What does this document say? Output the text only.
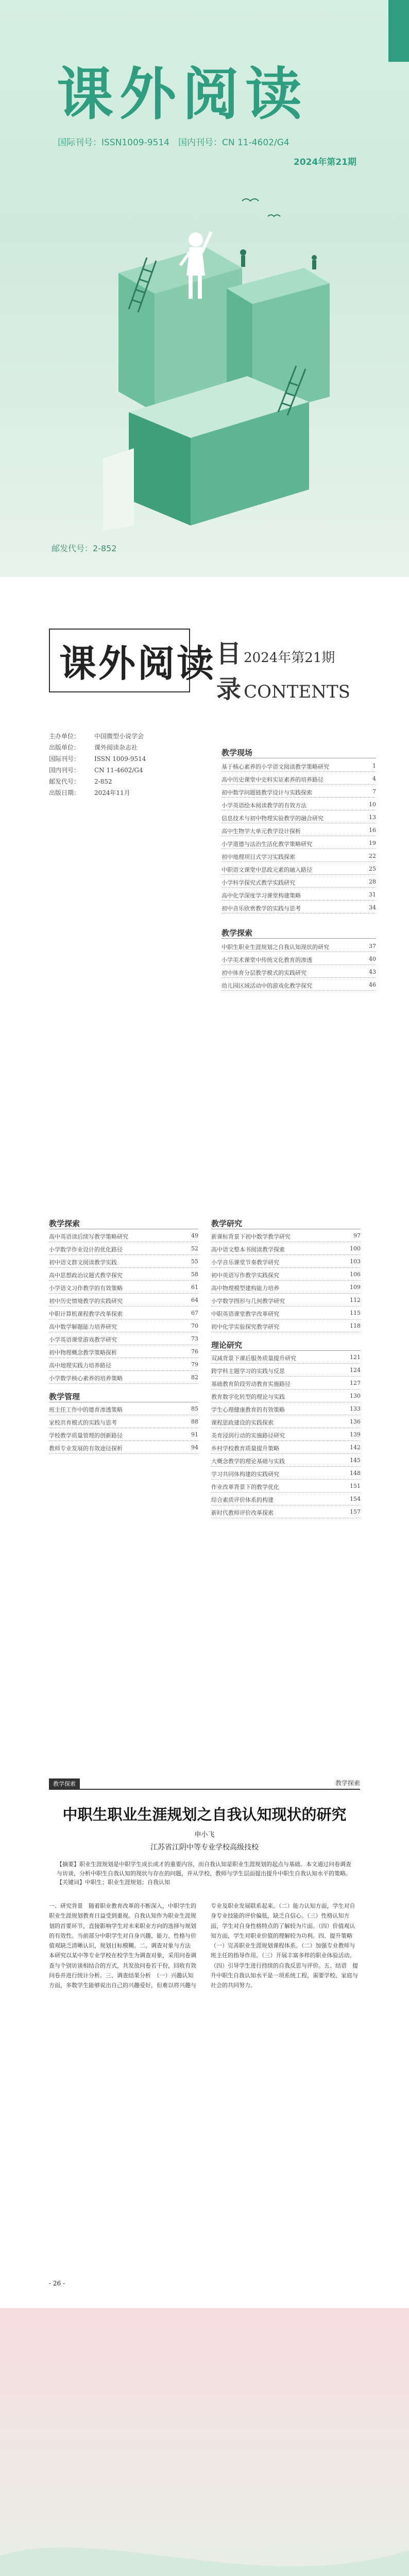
课外阅读
国际刊号：ISSN1009-9514　国内刊号：CN 11-4602/G4
2024年第21期
邮发代号：2-852
课外阅读
主办单位： 中国微型小说学会
出版单位： 课外阅读杂志社
国际刊号： ISSN 1009-9514
国内刊号： CN 11-4602/G4
邮发代号： 2-852
出版日期： 2024年11月
目 2024年第21期
录 CONTENTS
教学现场
1
基于核心素养的小学语文阅读教学策略研究
4
高中历史课堂中史料实证素养的培养路径
7
初中数学问题链教学设计与实践探索
10
小学英语绘本阅读教学的有效方法
13
信息技术与初中物理实验教学的融合研究
16
高中生物学大单元教学设计探析
19
小学道德与法治生活化教学策略研究
22
初中地理项目式学习实践探索
25
中职语文课堂中思政元素的融入路径
28
小学科学探究式教学实践研究
31
高中化学深度学习课堂构建策略
34
初中音乐欣赏教学的实践与思考
教学探索
37
中职生职业生涯规划之自我认知现状的研究
40
小学美术课堂中传统文化教育的渗透
43
初中体育分层教学模式的实践研究
46
幼儿园区域活动中的游戏化教学探究
教学探索
49
高中英语读后续写教学策略研究
52
小学数学作业设计的优化路径
55
初中语文群文阅读教学实践
58
高中思想政治议题式教学探究
61
小学语文习作教学的有效策略
64
初中历史情境教学的实践研究
67
中职计算机课程教学改革探索
70
高中数学解题能力培养研究
73
小学英语课堂游戏教学研究
76
初中物理概念教学策略探析
79
高中地理实践力培养路径
82
小学数学核心素养的培养策略
教学管理
85
班主任工作中的德育渗透策略
88
家校共育模式的实践与思考
91
学校教学质量管理的创新路径
94
教师专业发展的有效途径探析
教学研究
97
新课标背景下初中数学教学研究
100
高中语文整本书阅读教学探索
103
小学音乐课堂节奏教学研究
106
初中英语写作教学实践探究
109
高中物理模型建构能力培养
112
小学数学图形与几何教学研究
115
中职英语课堂教学改革研究
118
初中化学实验探究教学研究
理论研究
121
双减背景下课后服务质量提升研究
124
跨学科主题学习的实践与反思
127
基础教育阶段劳动教育实施路径
130
教育数字化转型的理论与实践
133
学生心理健康教育的有效策略
136
课程思政建设的实践探索
139
美育浸润行动的实施路径研究
142
乡村学校教育质量提升策略
145
大概念教学的理论基础与实践
148
学习共同体构建的实践研究
151
作业改革背景下的教学优化
154
综合素质评价体系的构建
157
新时代教师评价改革探索
教学探索	教学探索
中职生职业生涯规划之自我认知现状的研究
申小飞
江苏省江阴中等专业学校高级技校
【摘要】职业生涯规划是中职学生成长成才的重要内容，而自我认知是职业生涯规划的起点与基础。本文通过问卷调查与访谈，分析中职生自我认知的现状与存在的问题，并从学校、教师与学生层面提出提升中职生自我认知水平的策略。
【关键词】中职生；职业生涯规划；自我认知
一、研究背景　随着职业教育改革的不断深入，中职学生的职业生涯规划教育日益受到重视。自我认知作为职业生涯规划的首要环节，直接影响学生对未来职业方向的选择与规划的有效性。当前部分中职学生对自身兴趣、能力、性格与价值观缺乏清晰认识，规划目标模糊。二、调查对象与方法　本研究以某中等专业学校在校学生为调查对象，采用问卷调查与个别访谈相结合的方式，共发放问卷若干份，回收有效问卷并进行统计分析。三、调查结果分析　（一）兴趣认知方面，多数学生能够说出自己的兴趣爱好，但难以将兴趣与专业及职业发展联系起来。（二）能力认知方面，学生对自身专业技能的评价偏低，缺乏自信心。（三）性格认知方面，学生对自身性格特点的了解较为片面。（四）价值观认知方面，学生对职业价值的理解较为功利。四、提升策略　（一）完善职业生涯规划课程体系。（二）加强专业教师与班主任的指导作用。（三）开展丰富多样的职业体验活动。（四）引导学生进行持续的自我反思与评价。五、结语　提升中职生自我认知水平是一项系统工程，需要学校、家庭与社会的共同努力。
- 26 -
